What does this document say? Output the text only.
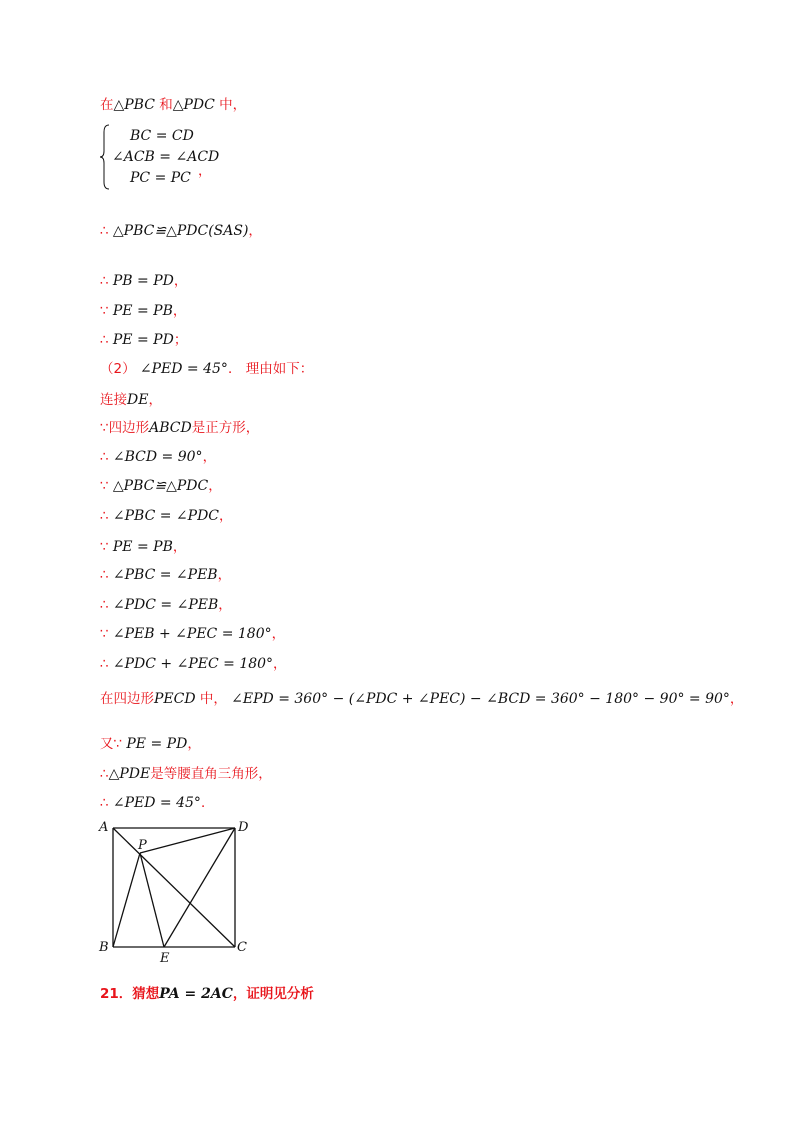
在△PBC 和△PDC 中，
BC = CD
∠ACB = ∠ACD
PC = PC ，
∴ △PBC≌△PDC(SAS)，
∴ PB = PD，
∵ PE = PB，
∴ PE = PD；
（2） ∠PED = 45°． 理由如下：
连接DE，
∵四边形ABCD是正方形，
∴ ∠BCD = 90°，
∵ △PBC≌△PDC，
∴ ∠PBC = ∠PDC，
∵ PE = PB，
∴ ∠PBC = ∠PEB，
∴ ∠PDC = ∠PEB，
∵ ∠PEB + ∠PEC = 180°，
∴ ∠PDC + ∠PEC = 180°，
在四边形PECD 中， ∠EPD = 360° − (∠PDC + ∠PEC) − ∠BCD = 360° − 180° − 90° = 90°，
又∵ PE = PD，
∴△PDE是等腰直角三角形，
∴ ∠PED = 45°．
A	D
P
B	C
E
21．猜想PA = 2AC，证明见分析
